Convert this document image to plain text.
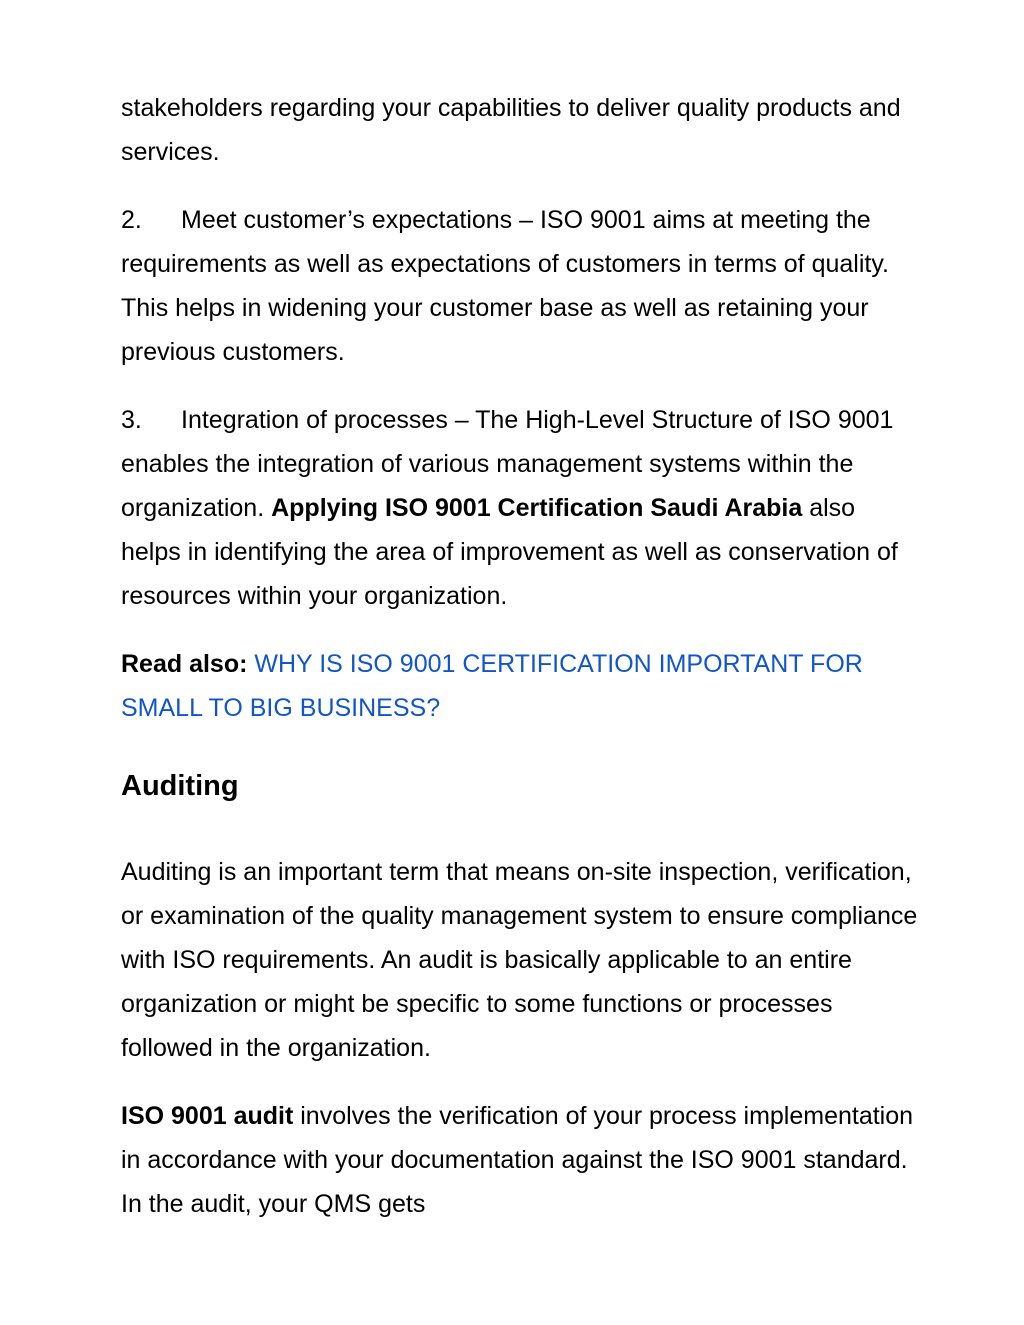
stakeholders regarding your capabilities to deliver quality products and services.

2. Meet customer’s expectations – ISO 9001 aims at meeting the requirements as well as expectations of customers in terms of quality. This helps in widening your customer base as well as retaining your previous customers.

3. Integration of processes – The High-Level Structure of ISO 9001 enables the integration of various management systems within the organization. Applying ISO 9001 Certification Saudi Arabia also helps in identifying the area of improvement as well as conservation of resources within your organization.

Read also: WHY IS ISO 9001 CERTIFICATION IMPORTANT FOR SMALL TO BIG BUSINESS?

Auditing

Auditing is an important term that means on-site inspection, verification, or examination of the quality management system to ensure compliance with ISO requirements. An audit is basically applicable to an entire organization or might be specific to some functions or processes followed in the organization.

ISO 9001 audit involves the verification of your process implementation in accordance with your documentation against the ISO 9001 standard. In the audit, your QMS gets
